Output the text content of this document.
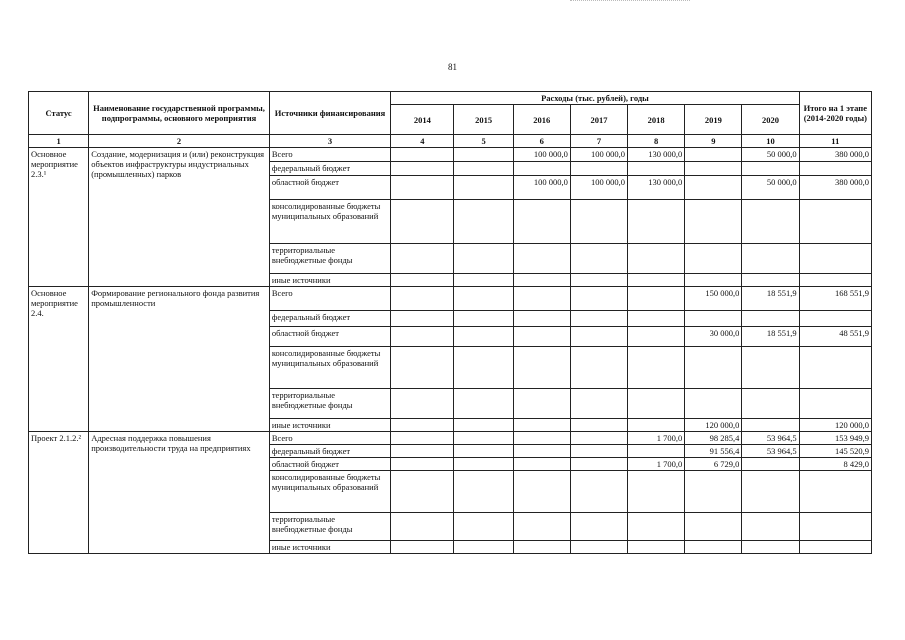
81
Статус	Наименование государственной программы, подпрограммы, основного мероприятия	Источники финансирования	Расходы (тыс. рублей), годы							Итого на 1 этапе (2014-2020 годы)
			2014	2015	2016	2017	2018	2019	2020	
1	2	3	4	5	6	7	8	9	10	11
Основное мероприятие 2.3.¹	Создание, модернизация и (или) реконструкция объектов инфраструктуры индустриальных (промышленных) парков	Всего			100 000,0	100 000,0	130 000,0		50 000,0	380 000,0
		федеральный бюджет								
		областной бюджет			100 000,0	100 000,0	130 000,0		50 000,0	380 000,0
		консолидированные бюджеты муниципальных образований								
		территориальные внебюджетные фонды								
		иные источники								
Основное мероприятие 2.4.	Формирование регионального фонда развития промышленности	Всего						150 000,0	18 551,9	168 551,9
		федеральный бюджет								
		областной бюджет						30 000,0	18 551,9	48 551,9
		консолидированные бюджеты муниципальных образований								
		территориальные внебюджетные фонды								
		иные источники						120 000,0		120 000,0
Проект 2.1.2.²	Адресная поддержка повышения производительности труда на предприятиях	Всего					1 700,0	98 285,4	53 964,5	153 949,9
		федеральный бюджет						91 556,4	53 964,5	145 520,9
		областной бюджет					1 700,0	6 729,0		8 429,0
		консолидированные бюджеты муниципальных образований								
		территориальные внебюджетные фонды								
		иные источники								
